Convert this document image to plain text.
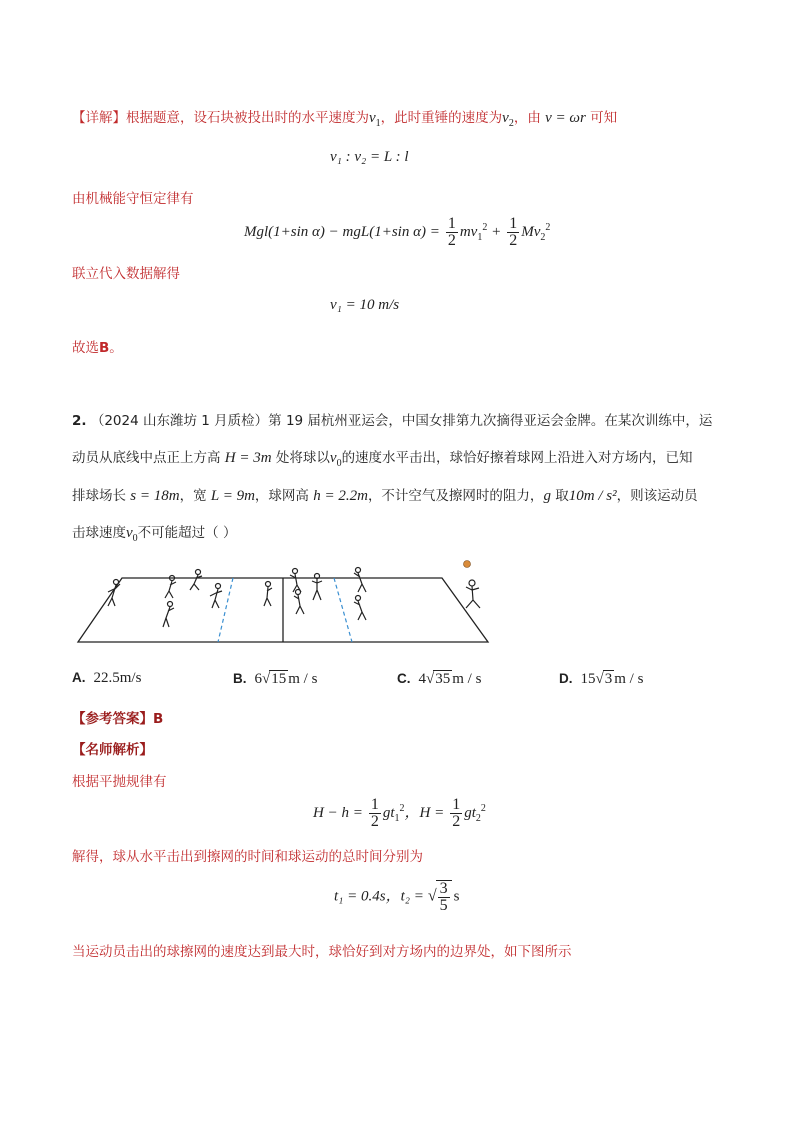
【详解】根据题意，设石块被投出时的水平速度为$v_1$，此时重锤的速度为$v_2$，由 v = ωr 可知
v₁ : v₂ = L : l
由机械能守恒定律有
Mgl(1+sin α) − mgL(1+sin $\alpha) = \frac{1}{2} mv_1^2 + \frac{1}{2} Mv_2^2$
联立代入数据解得
v₁ = 10 m/s
故选B。
2. （2024 山东潍坊 1 月质检）第 19 届杭州亚运会，中国女排第九次摘得亚运会金牌。在某次训练中，运
动员从底线中点正上方高 H = 3m 处将球以$v_0$的速度水平击出，球恰好擦着球网上沿进入对方场内，已知
排球场长 s = 18m，宽 L = 9m，球网高 h = 2.2m，不计空气及擦网时的阻力，g 取10m / s²，则该运动员
击球速度$v_0$不可能超过（ ）
A. 22.5m/s	B. 6√15 m / s	C. 4√35 m / s	D. 15√3 m / s
【参考答案】B
【名师解析】
根据平抛规律有
$H - h = \frac{1}{2} gt_1^2$，$H = \frac{1}{2} gt_2^2$
解得，球从水平击出到擦网的时间和球运动的总时间分别为
t₁ = 0.4s，t₂ = √ $\frac{3}{5}$ s
当运动员击出的球擦网的速度达到最大时，球恰好到对方场内的边界处，如下图所示
